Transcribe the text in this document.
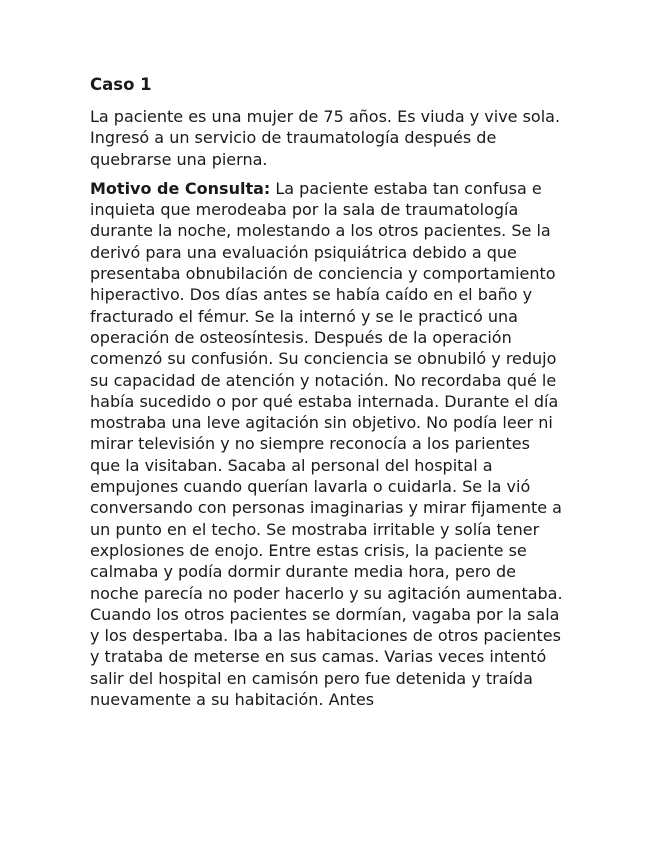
Caso 1

La paciente es una mujer de 75 años. Es viuda y vive sola. Ingresó a un servicio de traumatología después de quebrarse una pierna.

Motivo de Consulta: La paciente estaba tan confusa e inquieta que merodeaba por la sala de traumatología durante la noche, molestando a los otros pacientes. Se la derivó para una evaluación psiquiátrica debido a que presentaba obnubilación de conciencia y comportamiento hiperactivo. Dos días antes se había caído en el baño y fracturado el fémur. Se la internó y se le practicó una operación de osteosíntesis. Después de la operación comenzó su confusión. Su conciencia se obnubiló y redujo su capacidad de atención y notación. No recordaba qué le había sucedido o por qué estaba internada. Durante el día mostraba una leve agitación sin objetivo. No podía leer ni mirar televisión y no siempre reconocía a los parientes que la visitaban. Sacaba al personal del hospital a empujones cuando querían lavarla o cuidarla. Se la vió conversando con personas imaginarias y mirar fijamente a un punto en el techo. Se mostraba irritable y solía tener explosiones de enojo. Entre estas crisis, la paciente se calmaba y podía dormir durante media hora, pero de noche parecía no poder hacerlo y su agitación aumentaba. Cuando los otros pacientes se dormían, vagaba por la sala y los despertaba. Iba a las habitaciones de otros pacientes y trataba de meterse en sus camas. Varias veces intentó salir del hospital en camisón pero fue detenida y traída nuevamente a su habitación. Antes
